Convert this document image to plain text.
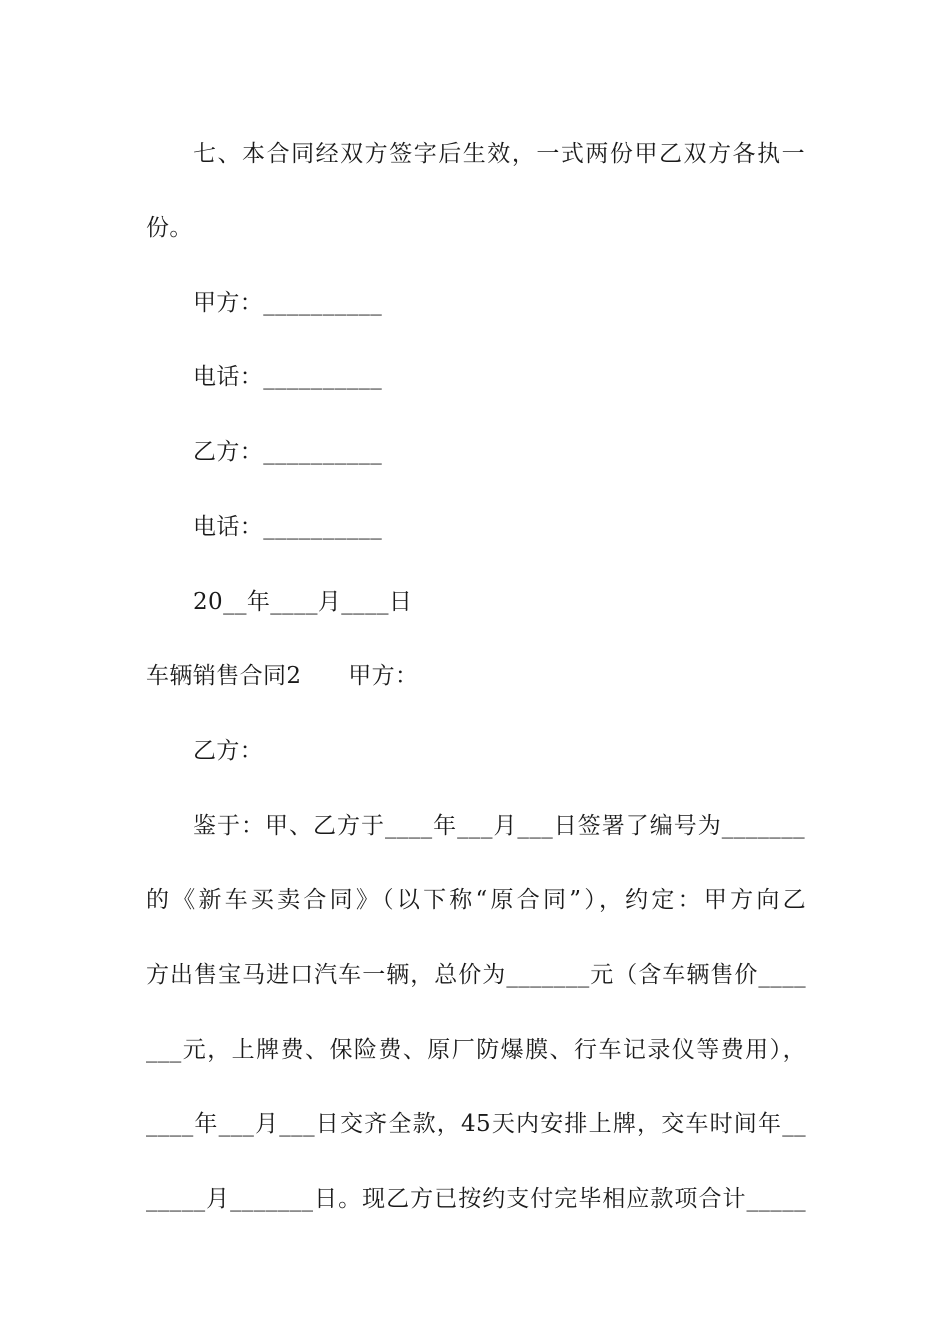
七、本合同经双方签字后生效，一式两份甲乙双方各执一
份。
甲方：__________
电话：__________
乙方：__________
电话：__________
20__年____月____日
车辆销售合同2　　甲方：
乙方：
鉴于：甲、乙方于____年___月___日签署了编号为_______
的《新车买卖合同》（以下称“原合同”），约定：甲方向乙
方出售宝马进口汽车一辆，总价为_______元（含车辆售价____
___元，上牌费、保险费、原厂防爆膜、行车记录仪等费用），
____年___月___日交齐全款，45天内安排上牌，交车时间年__
_____月_______日。现乙方已按约支付完毕相应款项合计_____
